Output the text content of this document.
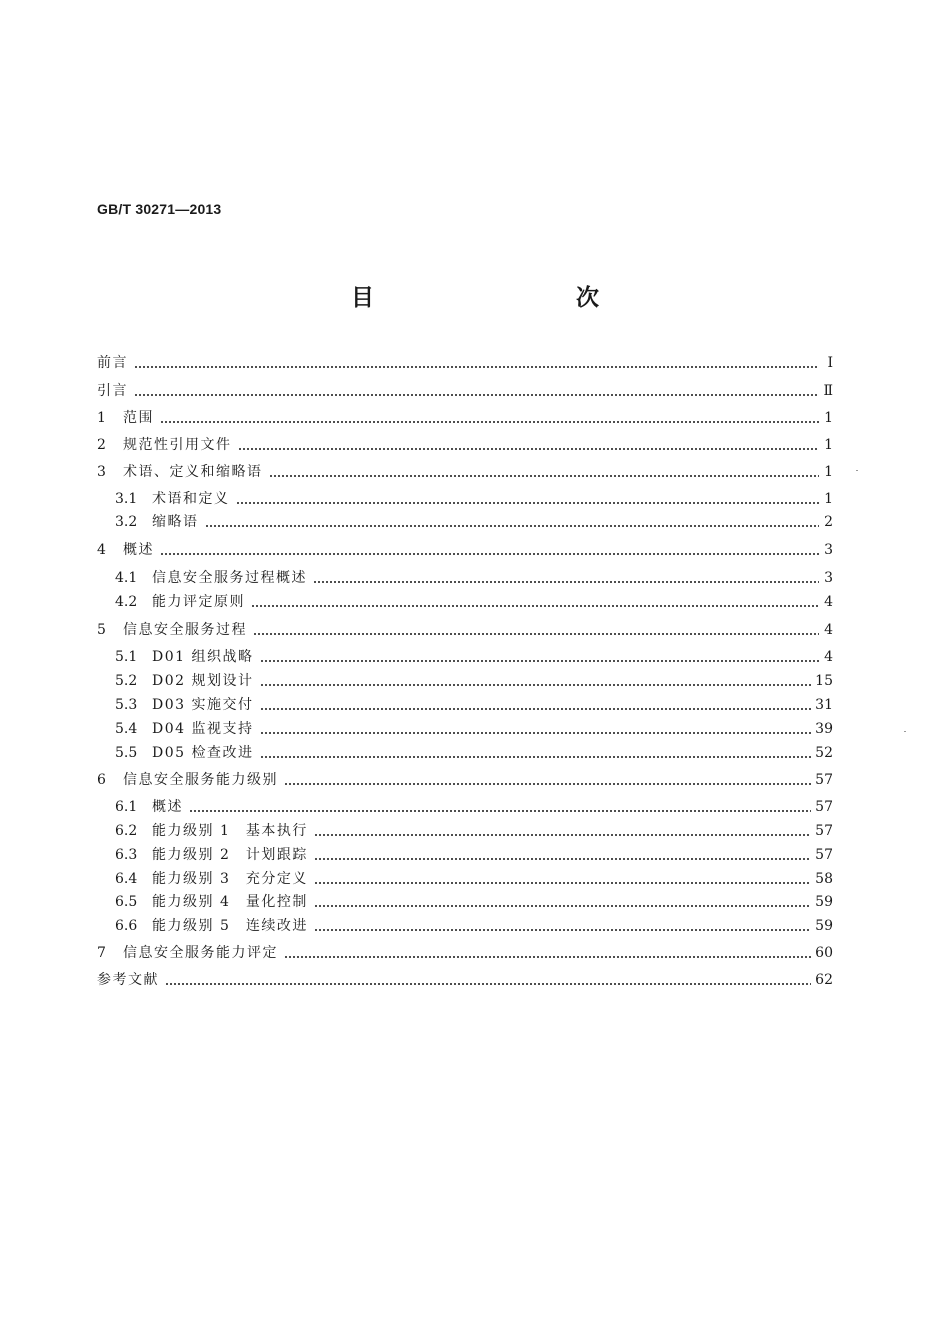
GB/T 30271—2013
目　　次
前言	Ⅰ
引言	Ⅱ
1	范围	1
2	规范性引用文件	1
3	术语、定义和缩略语	1
3.1	术语和定义	1
3.2	缩略语	2
4	概述	3
4.1	信息安全服务过程概述	3
4.2	能力评定原则	4
5	信息安全服务过程	4
5.1	D01 组织战略	4
5.2	D02 规划设计	15
5.3	D03 实施交付	31
5.4	D04 监视支持	39
5.5	D05 检查改进	52
6	信息安全服务能力级别	57
6.1	概述	57
6.2	能力级别 1　基本执行	57
6.3	能力级别 2　计划跟踪	57
6.4	能力级别 3　充分定义	58
6.5	能力级别 4　量化控制	59
6.6	能力级别 5　连续改进	59
7	信息安全服务能力评定	60
参考文献	62
